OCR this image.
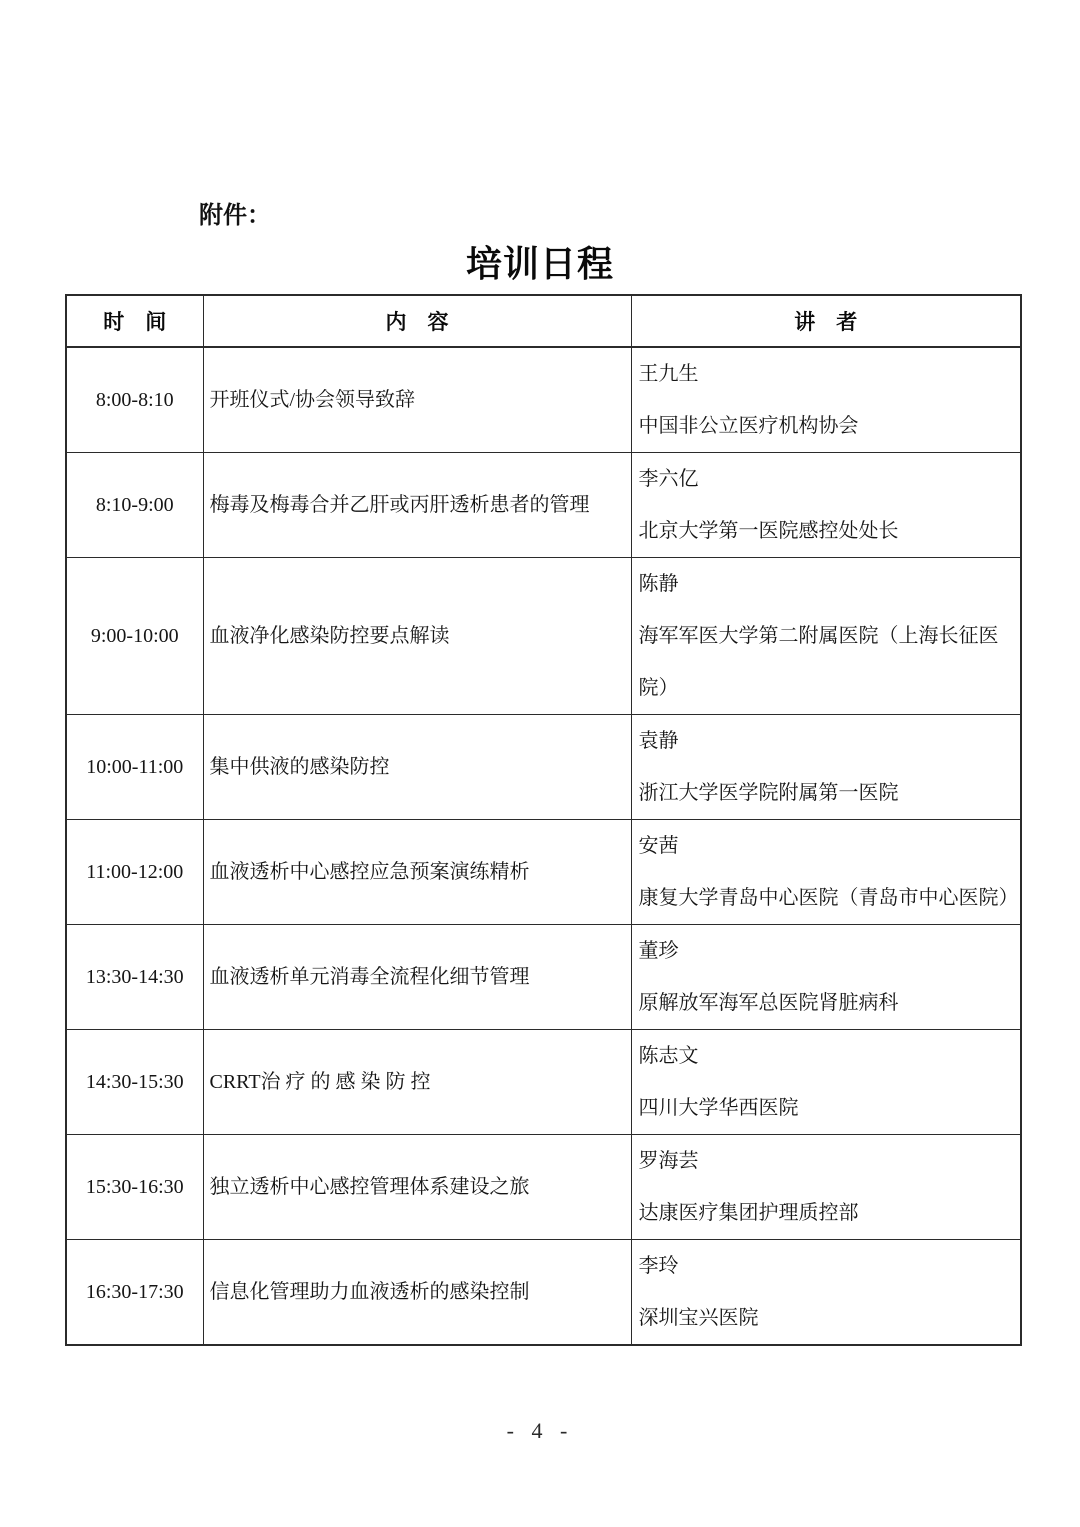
附件：
培训日程
时　间	内　容	讲　者
8:00-8:10	开班仪式/协会领导致辞	王九生
中国非公立医疗机构协会

8:10-9:00	梅毒及梅毒合并乙肝或丙肝透析患者的管理	李六亿
北京大学第一医院感控处处长

9:00-10:00	血液净化感染防控要点解读	陈静
海军军医大学第二附属医院（上海长征医院）

10:00-11:00	集中供液的感染防控	袁静
浙江大学医学院附属第一医院

11:00-12:00	血液透析中心感控应急预案演练精析	安茜
康复大学青岛中心医院（青岛市中心医院）

13:30-14:30	血液透析单元消毒全流程化细节管理	董珍
原解放军海军总医院肾脏病科

14:30-15:30	CRRT治 疗 的 感 染 防 控	陈志文
四川大学华西医院

15:30-16:30	独立透析中心感控管理体系建设之旅	罗海芸
达康医疗集团护理质控部

16:30-17:30	信息化管理助力血液透析的感染控制	李玲
深圳宝兴医院
- 4 -
